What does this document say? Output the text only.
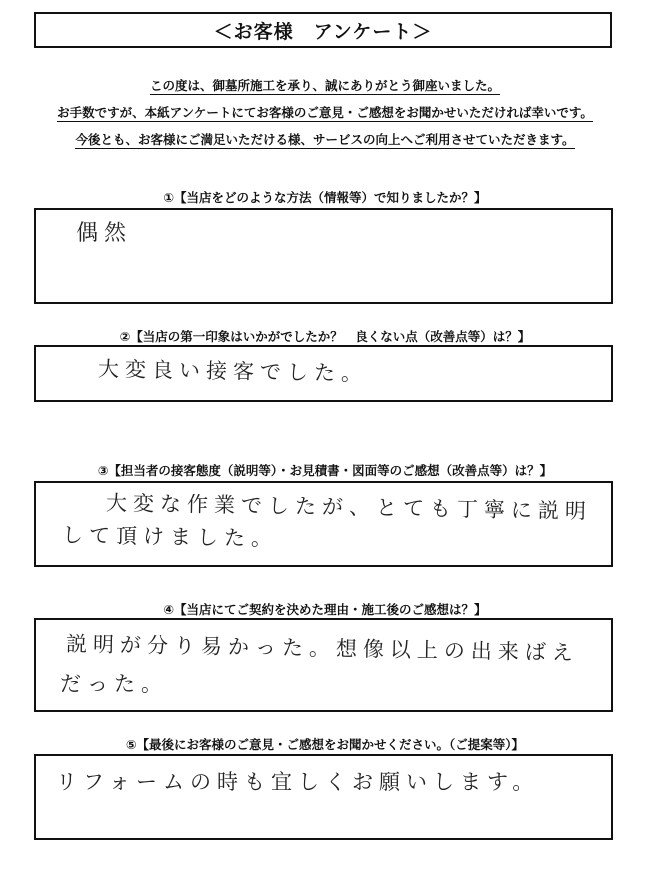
＜お客様　アンケート＞
この度は、御墓所施工を承り、誠にありがとう御座いました。
お手数ですが、本紙アンケートにてお客様のご意見・ご感想をお聞かせいただければ幸いです。
今後とも、お客様にご満足いただける様、サービスの向上へご利用させていただきます。
①【当店をどのような方法（情報等）で知りましたか？】
偶然
②【当店の第一印象はいかがでしたか？　良くない点（改善点等）は？】
大変良い接客でした。
③【担当者の接客態度（説明等）・お見積書・図面等のご感想（改善点等）は？】
大変な作業でしたが、とても丁寧に説明
して頂けました。
④【当店にてご契約を決めた理由・施工後のご感想は？】
説明が分り易かった。想像以上の出来ばえ
だった。
⑤【最後にお客様のご意見・ご感想をお聞かせください。（ご提案等）】
リフォームの時も宜しくお願いします。
